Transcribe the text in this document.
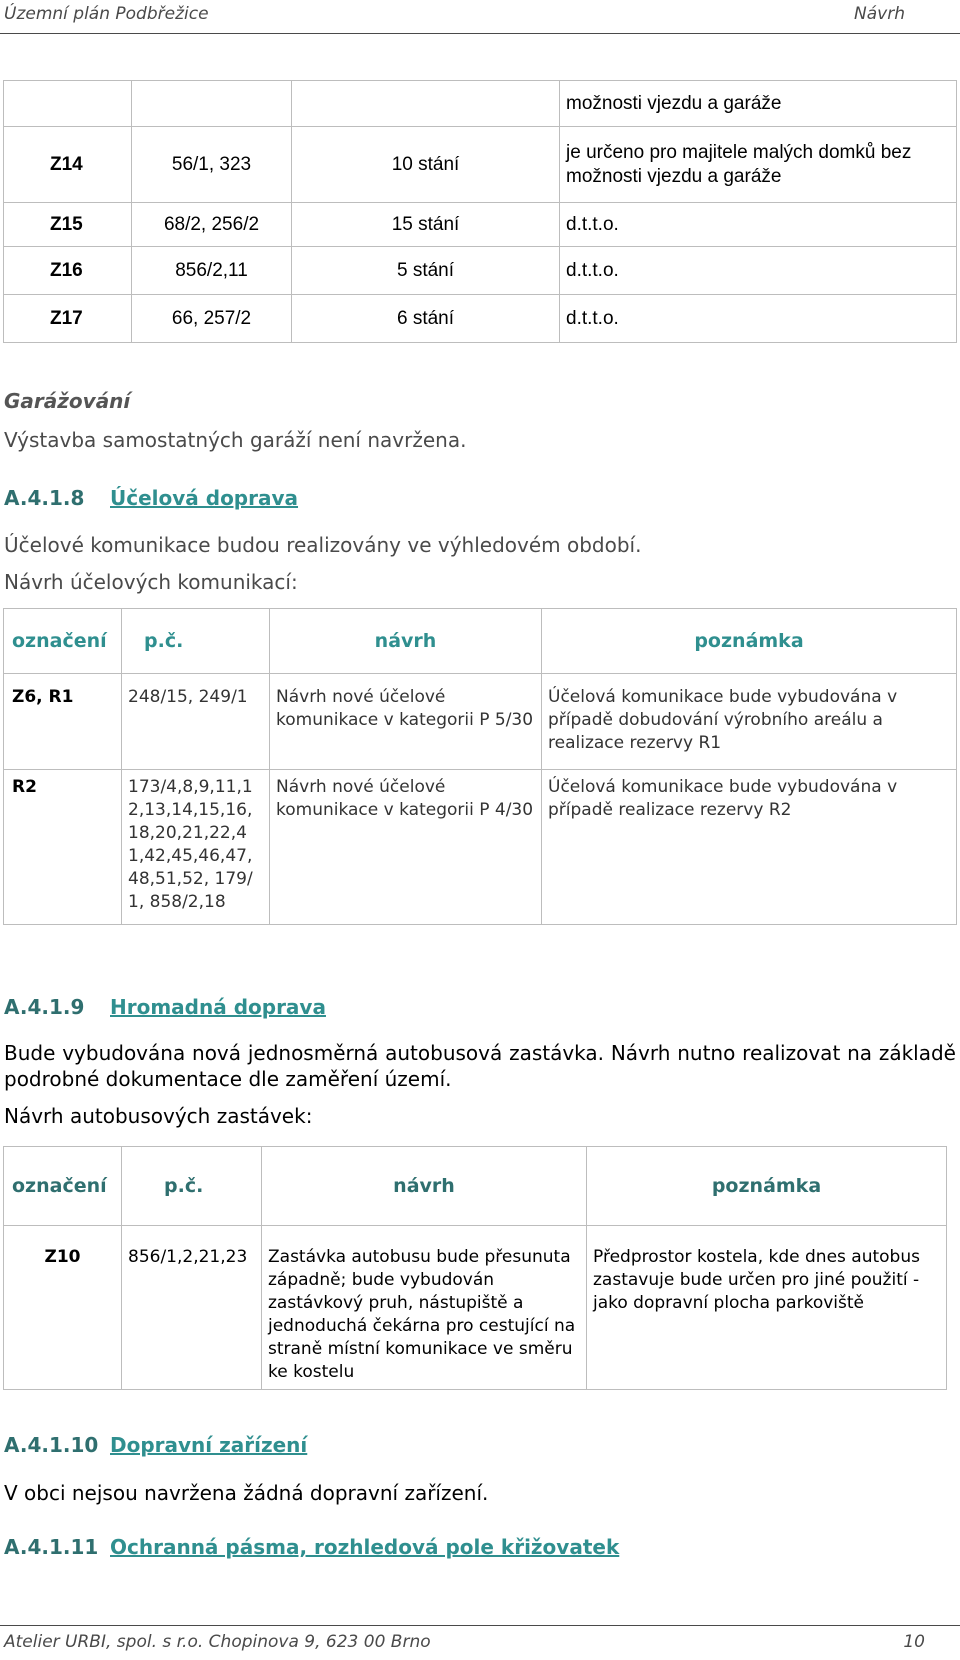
Územní plán Podbřežice	Návrh
			možnosti vjezdu a garáže
Z14	56/1, 323	10 stání	je určeno pro majitele malých domků bez možnosti vjezdu a garáže
Z15	68/2, 256/2	15 stání	d.t.t.o.
Z16	856/2,11	5 stání	d.t.t.o.
Z17	66, 257/2	6 stání	d.t.t.o.
Garážování
Výstavba samostatných garáží není navržena.
A.4.1.8 Účelová doprava
Účelové komunikace budou realizovány ve výhledovém období.
Návrh účelových komunikací:
označení	p.č.	návrh	poznámka
Z6, R1	248/15, 249/1	Návrh nové účelové komunikace v kategorii P 5/30	Účelová komunikace bude vybudována v případě dobudování výrobního areálu a realizace rezervy R1
R2	173/4,8,9,11,12,13,14,15,16,18,20,21,22,41,42,45,46,47,48,51,52, 179/1, 858/2,18	Návrh nové účelové komunikace v kategorii P 4/30	Účelová komunikace bude vybudována v případě realizace rezervy R2
A.4.1.9 Hromadná doprava
Bude vybudována nová jednosměrná autobusová zastávka. Návrh nutno realizovat na základě podrobné dokumentace dle zaměření území.
Návrh autobusových zastávek:
označení	p.č.	návrh	poznámka
Z10	856/1,2,21,23	Zastávka autobusu bude přesunuta západně; bude vybudován zastávkový pruh, nástupiště a jednoduchá čekárna pro cestující na straně místní komunikace ve směru ke kostelu	Předprostor kostela, kde dnes autobus zastavuje bude určen pro jiné použití - jako dopravní plocha parkoviště
A.4.1.10 Dopravní zařízení
V obci nejsou navržena žádná dopravní zařízení.
A.4.1.11 Ochranná pásma, rozhledová pole křižovatek
Atelier URBI, spol. s r.o. Chopinova 9, 623 00 Brno	10
